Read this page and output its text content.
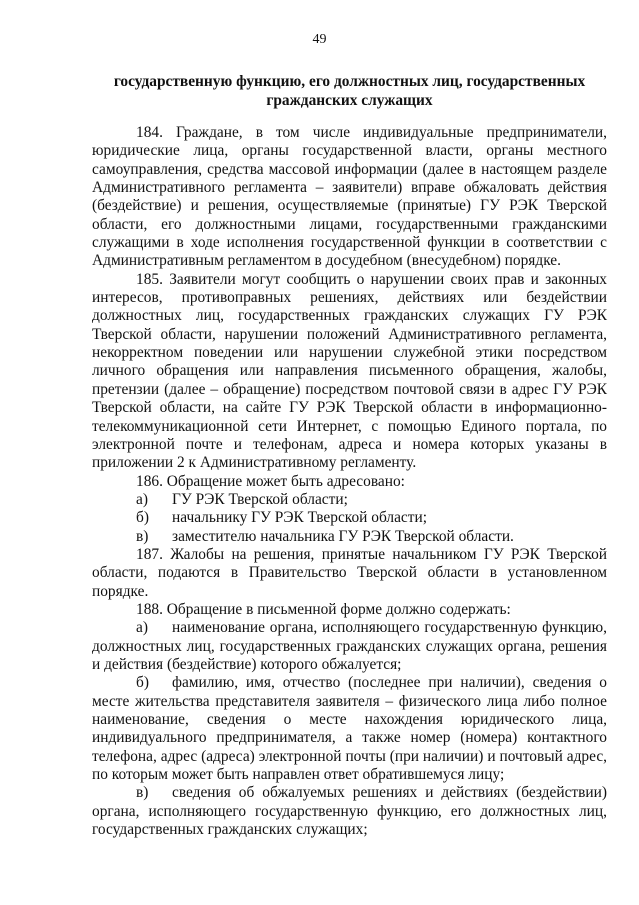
49
государственную функцию, его должностных лиц, государственных
гражданских служащих

184. Граждане, в том числе индивидуальные предприниматели, юридические лица, органы государственной власти, органы местного самоуправления, средства массовой информации (далее в настоящем разделе Административного регламента – заявители) вправе обжаловать действия (бездействие) и решения, осуществляемые (принятые) ГУ РЭК Тверской области, его должностными лицами, государственными гражданскими служащими в ходе исполнения государственной функции в соответствии с Административным регламентом в досудебном (внесудебном) порядке.

185. Заявители могут сообщить о нарушении своих прав и законных интересов, противоправных решениях, действиях или бездействии должностных лиц, государственных гражданских служащих ГУ РЭК Тверской области, нарушении положений Административного регламента, некорректном поведении или нарушении служебной этики посредством личного обращения или направления письменного обращения, жалобы, претензии (далее – обращение) посредством почтовой связи в адрес ГУ РЭК Тверской области, на сайте ГУ РЭК Тверской области в информационно-телекоммуникационной сети Интернет, с помощью Единого портала, по электронной почте и телефонам, адреса и номера которых указаны в приложении 2 к Административному регламенту.

186. Обращение может быть адресовано:

а) ГУ РЭК Тверской области;

б) начальнику ГУ РЭК Тверской области;

в) заместителю начальника ГУ РЭК Тверской области.

187. Жалобы на решения, принятые начальником ГУ РЭК Тверской области, подаются в Правительство Тверской области в установленном порядке.

188. Обращение в письменной форме должно содержать:

а) наименование органа, исполняющего государственную функцию, должностных лиц, государственных гражданских служащих органа, решения и действия (бездействие) которого обжалуется;

б) фамилию, имя, отчество (последнее при наличии), сведения о месте жительства представителя заявителя – физического лица либо полное наименование, сведения о месте нахождения юридического лица, индивидуального предпринимателя, а также номер (номера) контактного телефона, адрес (адреса) электронной почты (при наличии) и почтовый адрес, по которым может быть направлен ответ обратившемуся лицу;

в) сведения об обжалуемых решениях и действиях (бездействии) органа, исполняющего государственную функцию, его должностных лиц, государственных гражданских служащих;
